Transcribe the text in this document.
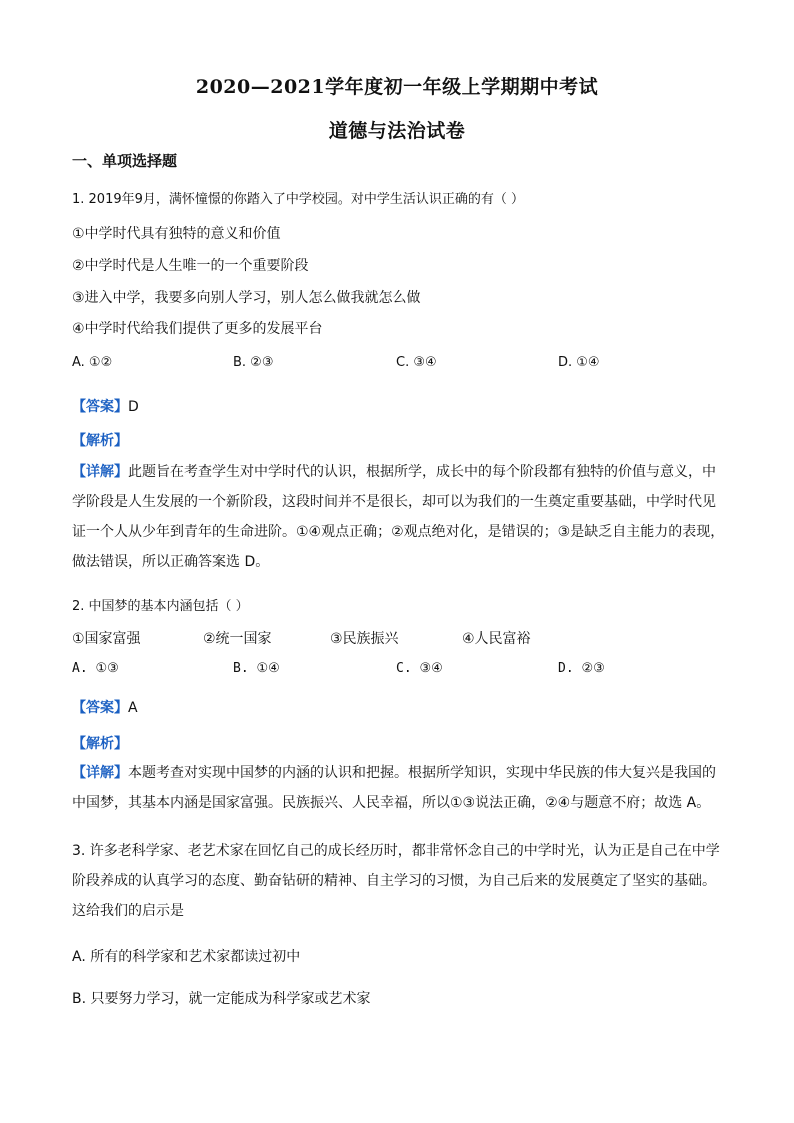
2020—2021学年度初一年级上学期期中考试
道德与法治试卷
一、单项选择题
1. 2019年9月，满怀憧憬的你踏入了中学校园。对中学生活认识正确的有（ ）
①中学时代具有独特的意义和价值
②中学时代是人生唯一的一个重要阶段
③进入中学，我要多向别人学习，别人怎么做我就怎么做
④中学时代给我们提供了更多的发展平台
A. ①②	B. ②③	C. ③④	D. ①④
【答案】D
【解析】
【详解】此题旨在考查学生对中学时代的认识，根据所学，成长中的每个阶段都有独特的价值与意义，中
学阶段是人生发展的一个新阶段，这段时间并不是很长，却可以为我们的一生奠定重要基础，中学时代见
证一个人从少年到青年的生命进阶。①④观点正确；②观点绝对化，是错误的；③是缺乏自主能力的表现，
做法错误，所以正确答案选 D。
2. 中国梦的基本内涵包括（ ）
①国家富强	②统一国家	③民族振兴	④人民富裕
A. ①③	B. ①④	C. ③④	D. ②③
【答案】A
【解析】
【详解】本题考查对实现中国梦的内涵的认识和把握。根据所学知识，实现中华民族的伟大复兴是我国的
中国梦，其基本内涵是国家富强。民族振兴、人民幸福，所以①③说法正确，②④与题意不府；故选 A。
3. 许多老科学家、老艺术家在回忆自己的成长经历时，都非常怀念自己的中学时光，认为正是自己在中学
阶段养成的认真学习的态度、勤奋钻研的精神、自主学习的习惯，为自己后来的发展奠定了坚实的基础。
这给我们的启示是
A. 所有的科学家和艺术家都读过初中
B. 只要努力学习，就一定能成为科学家或艺术家
